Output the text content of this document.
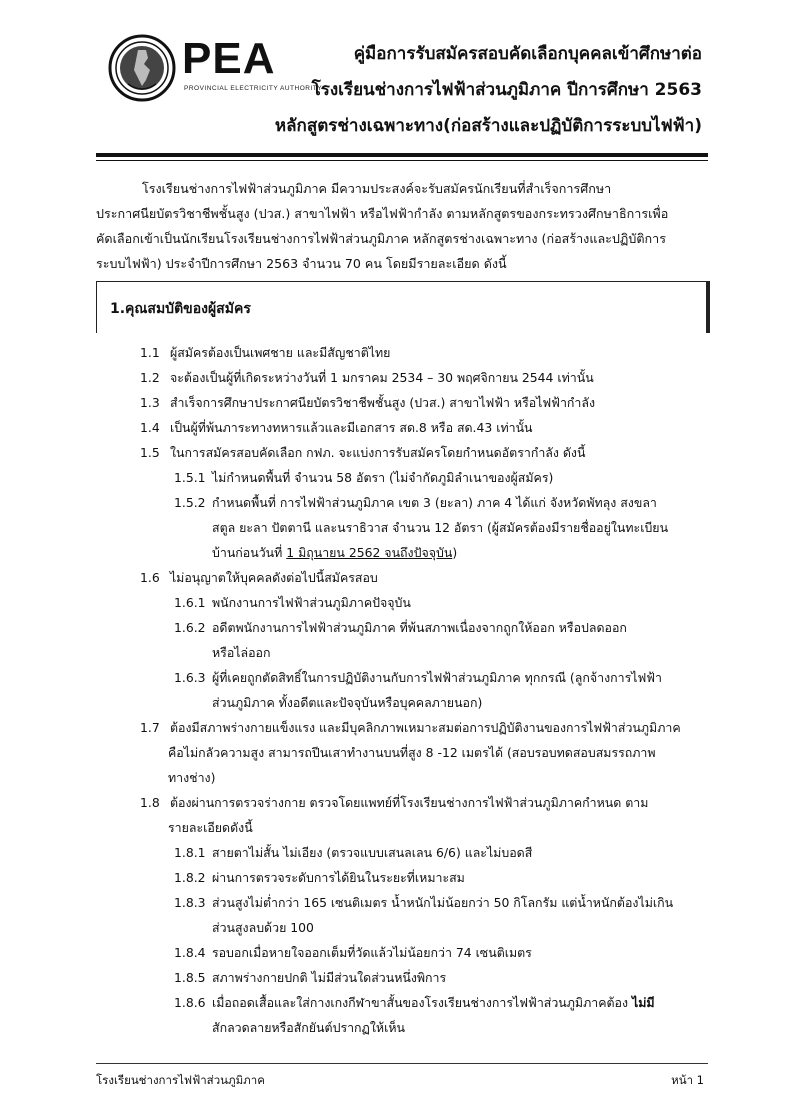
PEA
PROVINCIAL ELECTRICITY AUTHORITY
คู่มือการรับสมัครสอบคัดเลือกบุคคลเข้าศึกษาต่อ
โรงเรียนช่างการไฟฟ้าส่วนภูมิภาค ปีการศึกษา 2563
หลักสูตรช่างเฉพาะทาง(ก่อสร้างและปฏิบัติการระบบไฟฟ้า)
โรงเรียนช่างการไฟฟ้าส่วนภูมิภาค มีความประสงค์จะรับสมัครนักเรียนที่สำเร็จการศึกษา
ประกาศนียบัตรวิชาชีพชั้นสูง (ปวส.) สาขาไฟฟ้า หรือไฟฟ้ากำลัง ตามหลักสูตรของกระทรวงศึกษาธิการเพื่อ
คัดเลือกเข้าเป็นนักเรียนโรงเรียนช่างการไฟฟ้าส่วนภูมิภาค หลักสูตรช่างเฉพาะทาง (ก่อสร้างและปฏิบัติการ
ระบบไฟฟ้า) ประจำปีการศึกษา 2563 จำนวน 70 คน โดยมีรายละเอียด ดังนี้
1.คุณสมบัติของผู้สมัคร
1.1 ผู้สมัครต้องเป็นเพศชาย และมีสัญชาติไทย
1.2 จะต้องเป็นผู้ที่เกิดระหว่างวันที่ 1 มกราคม 2534 – 30 พฤศจิกายน 2544 เท่านั้น
1.3 สำเร็จการศึกษาประกาศนียบัตรวิชาชีพชั้นสูง (ปวส.) สาขาไฟฟ้า หรือไฟฟ้ากำลัง
1.4 เป็นผู้ที่พ้นภาระทางทหารแล้วและมีเอกสาร สด.8 หรือ สด.43 เท่านั้น
1.5 ในการสมัครสอบคัดเลือก กฟภ. จะแบ่งการรับสมัครโดยกำหนดอัตรากำลัง ดังนี้
1.5.1 ไม่กำหนดพื้นที่ จำนวน 58 อัตรา (ไม่จำกัดภูมิลำเนาของผู้สมัคร)
1.5.2 กำหนดพื้นที่ การไฟฟ้าส่วนภูมิภาค เขต 3 (ยะลา) ภาค 4 ได้แก่ จังหวัดพัทลุง สงขลา
สตูล ยะลา ปัตตานี และนราธิวาส จำนวน 12 อัตรา (ผู้สมัครต้องมีรายชื่ออยู่ในทะเบียน
บ้านก่อนวันที่ 1 มิถุนายน 2562 จนถึงปัจจุบัน)
1.6 ไม่อนุญาตให้บุคคลดังต่อไปนี้สมัครสอบ
1.6.1 พนักงานการไฟฟ้าส่วนภูมิภาคปัจจุบัน
1.6.2 อดีตพนักงานการไฟฟ้าส่วนภูมิภาค ที่พ้นสภาพเนื่องจากถูกให้ออก หรือปลดออก
หรือไล่ออก
1.6.3 ผู้ที่เคยถูกตัดสิทธิ์ในการปฏิบัติงานกับการไฟฟ้าส่วนภูมิภาค ทุกกรณี (ลูกจ้างการไฟฟ้า
ส่วนภูมิภาค ทั้งอดีตและปัจจุบันหรือบุคคลภายนอก)
1.7 ต้องมีสภาพร่างกายแข็งแรง และมีบุคลิกภาพเหมาะสมต่อการปฏิบัติงานของการไฟฟ้าส่วนภูมิภาค
คือไม่กลัวความสูง สามารถปีนเสาทำงานบนที่สูง 8 -12 เมตรได้ (สอบรอบทดสอบสมรรถภาพ
ทางช่าง)
1.8 ต้องผ่านการตรวจร่างกาย ตรวจโดยแพทย์ที่โรงเรียนช่างการไฟฟ้าส่วนภูมิภาคกำหนด ตาม
รายละเอียดดังนี้
1.8.1 สายตาไม่สั้น ไม่เอียง (ตรวจแบบเสนลเลน 6/6) และไม่บอดสี
1.8.2 ผ่านการตรวจระดับการได้ยินในระยะที่เหมาะสม
1.8.3 ส่วนสูงไม่ต่ำกว่า 165 เซนติเมตร น้ำหนักไม่น้อยกว่า 50 กิโลกรัม แต่น้ำหนักต้องไม่เกิน
ส่วนสูงลบด้วย 100
1.8.4 รอบอกเมื่อหายใจออกเต็มที่วัดแล้วไม่น้อยกว่า 74 เซนติเมตร
1.8.5 สภาพร่างกายปกติ ไม่มีส่วนใดส่วนหนึ่งพิการ
1.8.6 เมื่อถอดเสื้อและใส่กางเกงกีฬาขาสั้นของโรงเรียนช่างการไฟฟ้าส่วนภูมิภาคต้อง ไม่มี
สักลวดลายหรือสักยันต์ปรากฏให้เห็น
โรงเรียนช่างการไฟฟ้าส่วนภูมิภาค	หน้า 1
